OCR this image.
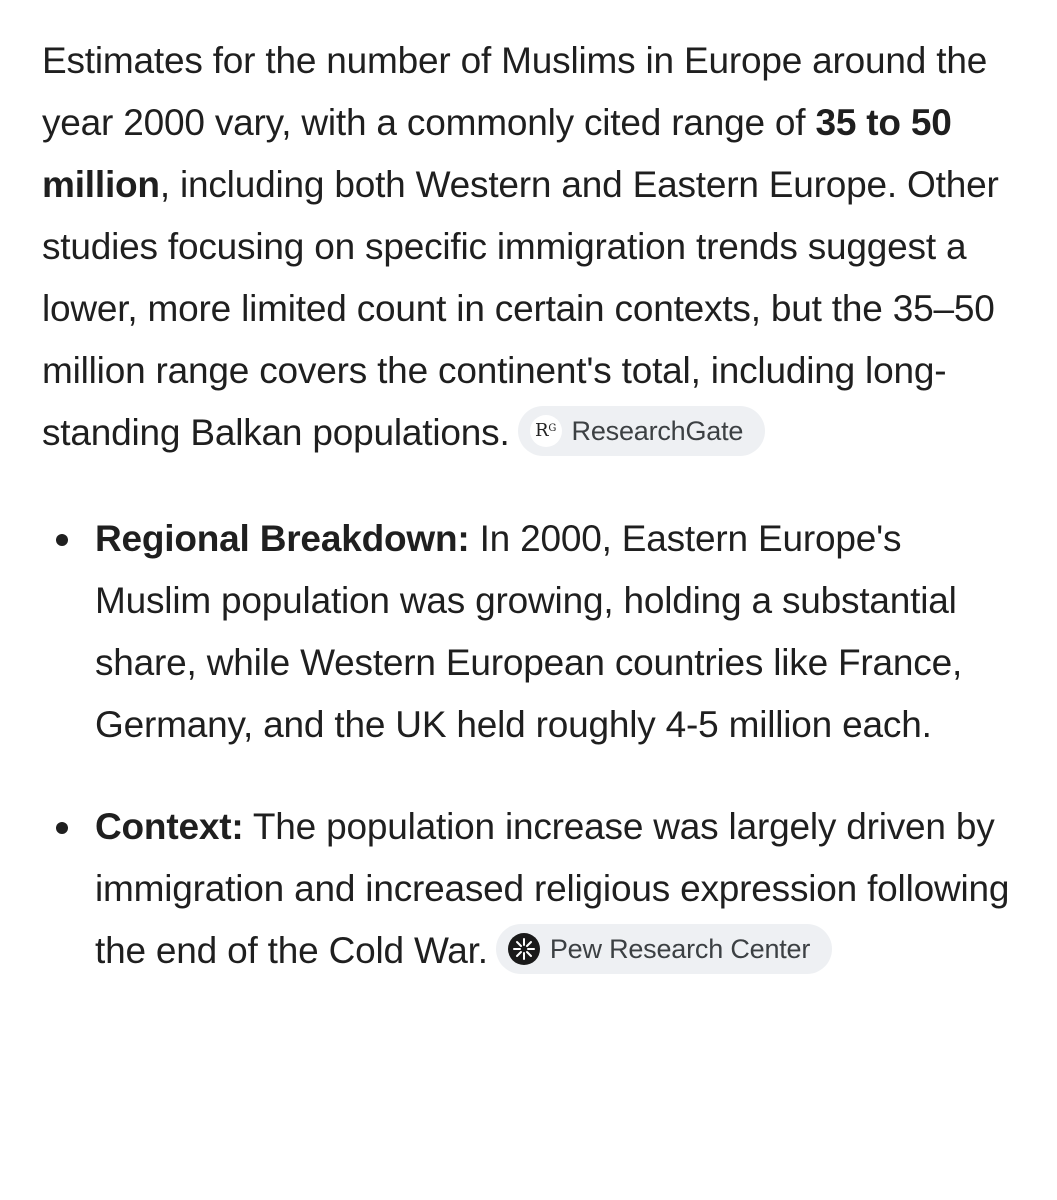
Estimates for the number of Muslims in Europe around the year 2000 vary, with a commonly cited range of 35 to 50 million, including both Western and Eastern Europe. Other studies focusing on specific immigration trends suggest a lower, more limited count in certain contexts, but the 35–50 million range covers the continent's total, including long-standing Balkan populations. $R^G$ ResearchGate

Regional Breakdown: In 2000, Eastern Europe's Muslim population was growing, holding a substantial share, while Western European countries like France, Germany, and the UK held roughly 4-5 million each.
Context: The population increase was largely driven by immigration and increased religious expression following the end of the Cold War. Pew Research Center
